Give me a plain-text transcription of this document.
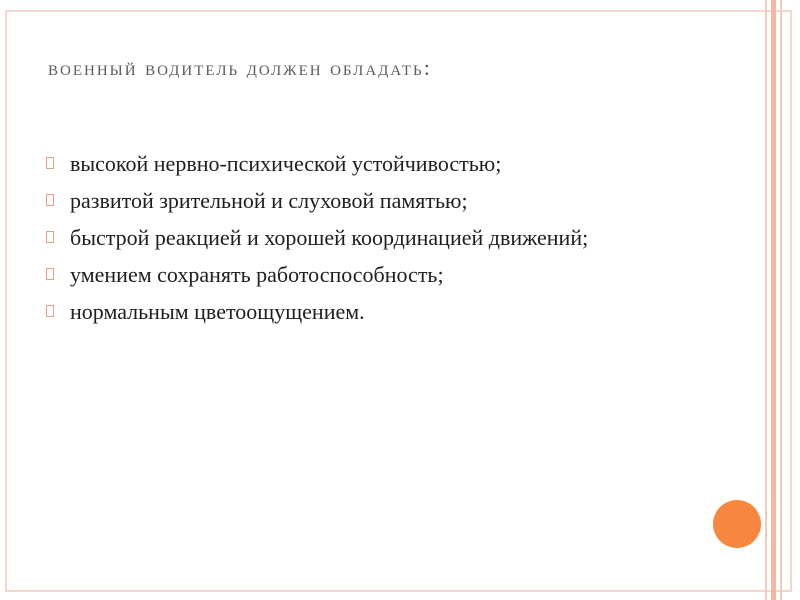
военный водитель должен обладать:
высокой нервно-психической устойчивостью;
развитой зрительной и слуховой памятью;
быстрой реакцией и хорошей координацией движений;
умением сохранять работоспособность;
нормальным цветоощущением.
